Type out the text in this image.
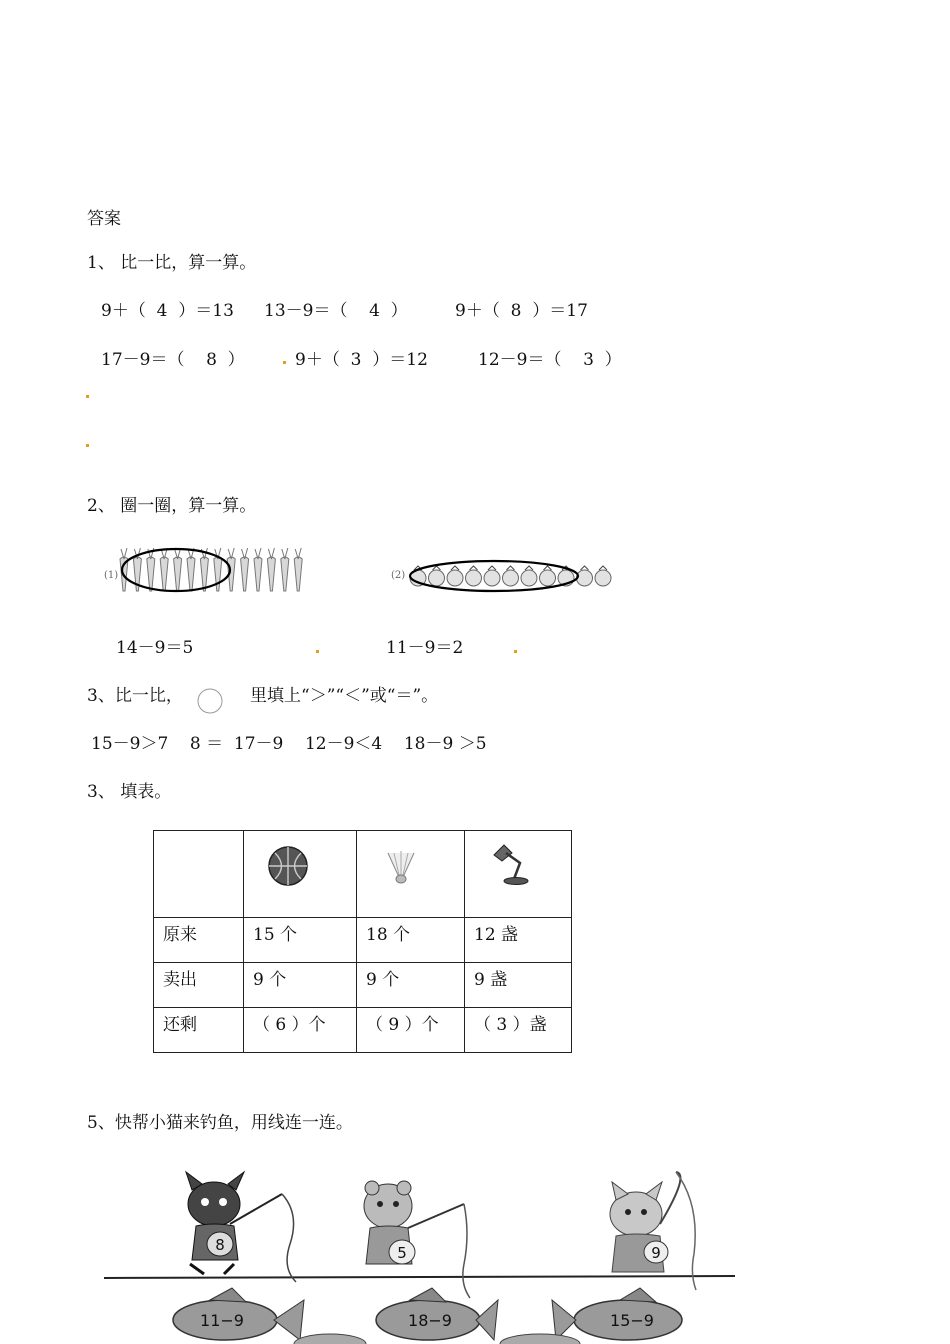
答案
1、 比一比，算一算。
9＋（  4  ）＝13 13－9＝（    4  ）	9＋（  8  ）＝17
17－9＝（    8  ）	9＋（  3  ）＝12	12－9＝（    3  ）
2、 圈一圈，算一算。
(1)	(2)
14－9＝5	11－9＝2
3、比一比，	里填上“＞”“＜”或“＝”。
15－9＞7    8 ＝  17－9    12－9＜4    18－9 ＞5
3、 填表。

原来	15 个	18 个	12 盏
卖出	9 个	9 个	9 盏
还剩	（ 6 ）个	（ 9 ）个	（ 3 ）盏
5、快帮小猫来钓鱼，用线连一连。
8	5	9
11−9	18−9	15−9
